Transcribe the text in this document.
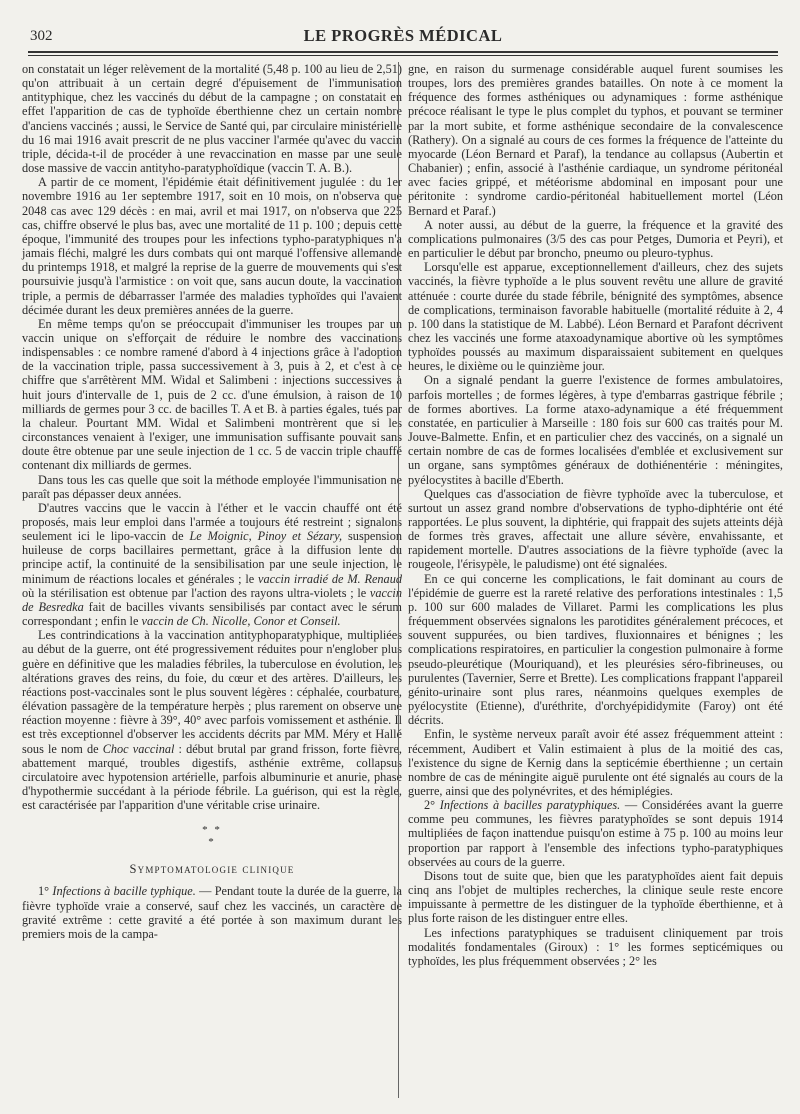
302	LE PROGRÈS MÉDICAL

on constatait un léger relèvement de la mortalité (5,48 p. 100 au lieu de 2,51) qu'on attribuait à un certain degré d'épuisement de l'immunisation antityphique, chez les vaccinés du début de la campagne ; on constatait en effet l'apparition de cas de typhoïde éberthienne chez un certain nombre d'anciens vaccinés ; aussi, le Service de Santé qui, par circulaire ministérielle du 16 mai 1916 avait prescrit de ne plus vacciner l'armée qu'avec du vaccin triple, décida-t-il de procéder à une revaccination en masse par une seule dose massive de vaccin antityho-paratyphoïdique (vaccin T. A. B.).

A partir de ce moment, l'épidémie était définitivement jugulée : du 1er novembre 1916 au 1er septembre 1917, soit en 10 mois, on n'observa que 2048 cas avec 129 décès : en mai, avril et mai 1917, on n'observa que 225 cas, chiffre observé le plus bas, avec une mortalité de 11 p. 100 ; depuis cette époque, l'immunité des troupes pour les infections typho-paratyphiques n'a jamais fléchi, malgré les durs combats qui ont marqué l'offensive allemande du printemps 1918, et malgré la reprise de la guerre de mouvements qui s'est poursuivie jusqu'à l'armistice : on voit que, sans aucun doute, la vaccination triple, a permis de débarrasser l'armée des maladies typhoïdes qui l'avaient décimée durant les deux premières années de la guerre.

En même temps qu'on se préoccupait d'immuniser les troupes par un vaccin unique on s'efforçait de réduire le nombre des vaccinations indispensables : ce nombre ramené d'abord à 4 injections grâce à l'adoption de la vaccination triple, passa successivement à 3, puis à 2, et c'est à ce chiffre que s'arrêtèrent MM. Widal et Salimbeni : injections successives à huit jours d'intervalle de 1, puis de 2 cc. d'une émulsion, à raison de 10 milliards de germes pour 3 cc. de bacilles T. A et B. à parties égales, tués par la chaleur. Pourtant MM. Widal et Salimbeni montrèrent que si les circonstances venaient à l'exiger, une immunisation suffisante pouvait sans doute être obtenue par une seule injection de 1 cc. 5 de vaccin triple chauffé contenant dix milliards de germes.

Dans tous les cas quelle que soit la méthode employée l'immunisation ne paraît pas dépasser deux années.

D'autres vaccins que le vaccin à l'éther et le vaccin chauffé ont été proposés, mais leur emploi dans l'armée a toujours été restreint ; signalons seulement ici le lipo-vaccin de Le Moignic, Pinoy et Sézary, suspension huileuse de corps bacillaires permettant, grâce à la diffusion lente du principe actif, la continuité de la sensibilisation par une seule injection, le minimum de réactions locales et générales ; le vaccin irradié de M. Renaud où la stérilisation est obtenue par l'action des rayons ultra-violets ; le vaccin de Besredka fait de bacilles vivants sensibilisés par contact avec le sérum correspondant ; enfin le vaccin de Ch. Nicolle, Conor et Conseil.

Les contrindications à la vaccination antityphoparatyphique, multipliées au début de la guerre, ont été progressivement réduites pour n'englober plus guère en définitive que les maladies fébriles, la tuberculose en évolution, les altérations graves des reins, du foie, du cœur et des artères. D'ailleurs, les réactions post-vaccinales sont le plus souvent légères : céphalée, courbature, élévation passagère de la température herpès ; plus rarement on observe une réaction moyenne : fièvre à 39°, 40° avec parfois vomissement et asthénie. Il est très exceptionnel d'observer les accidents décrits par MM. Méry et Hallé sous le nom de Choc vaccinal : début brutal par grand frisson, forte fièvre, abattement marqué, troubles digestifs, asthénie extrême, collapsus circulatoire avec hypotension artérielle, parfois albuminurie et anurie, phase d'hypothermie succédant à la période fébrile. La guérison, qui est la règle, est caractérisée par l'apparition d'une véritable crise urinaire.

* *
*
Symptomatologie clinique

1° Infections à bacille typhique. — Pendant toute la durée de la guerre, la fièvre typhoïde vraie a conservé, sauf chez les vaccinés, un caractère de gravité extrême : cette gravité a été portée à son maximum durant les premiers mois de la campa-

gne, en raison du surmenage considérable auquel furent soumises les troupes, lors des premières grandes batailles. On note à ce moment la fréquence des formes asthéniques ou adynamiques : forme asthénique précoce réalisant le type le plus complet du typhos, et pouvant se terminer par la mort subite, et forme asthénique secondaire de la convalescence (Rathery). On a signalé au cours de ces formes la fréquence de l'atteinte du myocarde (Léon Bernard et Paraf), la tendance au collapsus (Aubertin et Chabanier) ; enfin, associé à l'asthénie cardiaque, un syndrome péritonéal avec facies grippé, et météorisme abdominal en imposant pour une péritonite : syndrome cardio-péritonéal habituellement mortel (Léon Bernard et Paraf.)

A noter aussi, au début de la guerre, la fréquence et la gravité des complications pulmonaires (3/5 des cas pour Petges, Dumoria et Peyri), et en particulier le début par broncho, pneumo ou pleuro-typhus.

Lorsqu'elle est apparue, exceptionnellement d'ailleurs, chez des sujets vaccinés, la fièvre typhoïde a le plus souvent revêtu une allure de gravité atténuée : courte durée du stade fébrile, bénignité des symptômes, absence de complications, terminaison favorable habituelle (mortalité réduite à 2, 4 p. 100 dans la statistique de M. Labbé). Léon Bernard et Parafont décrivent chez les vaccinés une forme ataxoadynamique abortive où les symptômes typhoïdes poussés au maximum disparaissaient subitement en quelques heures, le dixième ou le quinzième jour.

On a signalé pendant la guerre l'existence de formes ambulatoires, parfois mortelles ; de formes légères, à type d'embarras gastrique fébrile ; de formes abortives. La forme ataxo-adynamique a été fréquemment constatée, en particulier à Marseille : 180 fois sur 600 cas traités pour M. Jouve-Balmette. Enfin, et en particulier chez des vaccinés, on a signalé un certain nombre de cas de formes localisées d'emblée et exclusivement sur un organe, sans symptômes généraux de dothiénentérie : méningites, pyélocystites à bacille d'Eberth.

Quelques cas d'association de fièvre typhoïde avec la tuberculose, et surtout un assez grand nombre d'observations de typho-diphtérie ont été rapportées. Le plus souvent, la diphtérie, qui frappait des sujets atteints déjà de formes très graves, affectait une allure sévère, envahissante, et rapidement mortelle. D'autres associations de la fièvre typhoïde (avec la rougeole, l'érisypèle, le paludisme) ont été signalées.

En ce qui concerne les complications, le fait dominant au cours de l'épidémie de guerre est la rareté relative des perforations intestinales : 1,5 p. 100 sur 600 malades de Villaret. Parmi les complications les plus fréquemment observées signalons les parotidites généralement précoces, et souvent suppurées, ou bien tardives, fluxionnaires et bénignes ; les complications respiratoires, en particulier la congestion pulmonaire à forme pseudo-pleurétique (Mouriquand), et les pleurésies séro-fibrineuses, ou purulentes (Tavernier, Serre et Brette). Les complications frappant l'appareil génito-urinaire sont plus rares, néanmoins quelques exemples de pyélocystite (Etienne), d'uréthrite, d'orchyépididymite (Faroy) ont été décrits.

Enfin, le système nerveux paraît avoir été assez fréquemment atteint : récemment, Audibert et Valin estimaient à plus de la moitié des cas, l'existence du signe de Kernig dans la septicémie éberthienne ; un certain nombre de cas de méningite aiguë purulente ont été signalés au cours de la guerre, ainsi que des polynévrites, et des hémiplégies.

2° Infections à bacilles paratyphiques. — Considérées avant la guerre comme peu communes, les fièvres paratyphoïdes se sont depuis 1914 multipliées de façon inattendue puisqu'on estime à 75 p. 100 au moins leur proportion par rapport à l'ensemble des infections typho-paratyphiques observées au cours de la guerre.

Disons tout de suite que, bien que les paratyphoïdes aient fait depuis cinq ans l'objet de multiples recherches, la clinique seule reste encore impuissante à permettre de les distinguer de la typhoïde éberthienne, et à plus forte raison de les distinguer entre elles.

Les infections paratyphiques se traduisent cliniquement par trois modalités fondamentales (Giroux) : 1° les formes septicémiques ou typhoïdes, les plus fréquemment observées ; 2° les
